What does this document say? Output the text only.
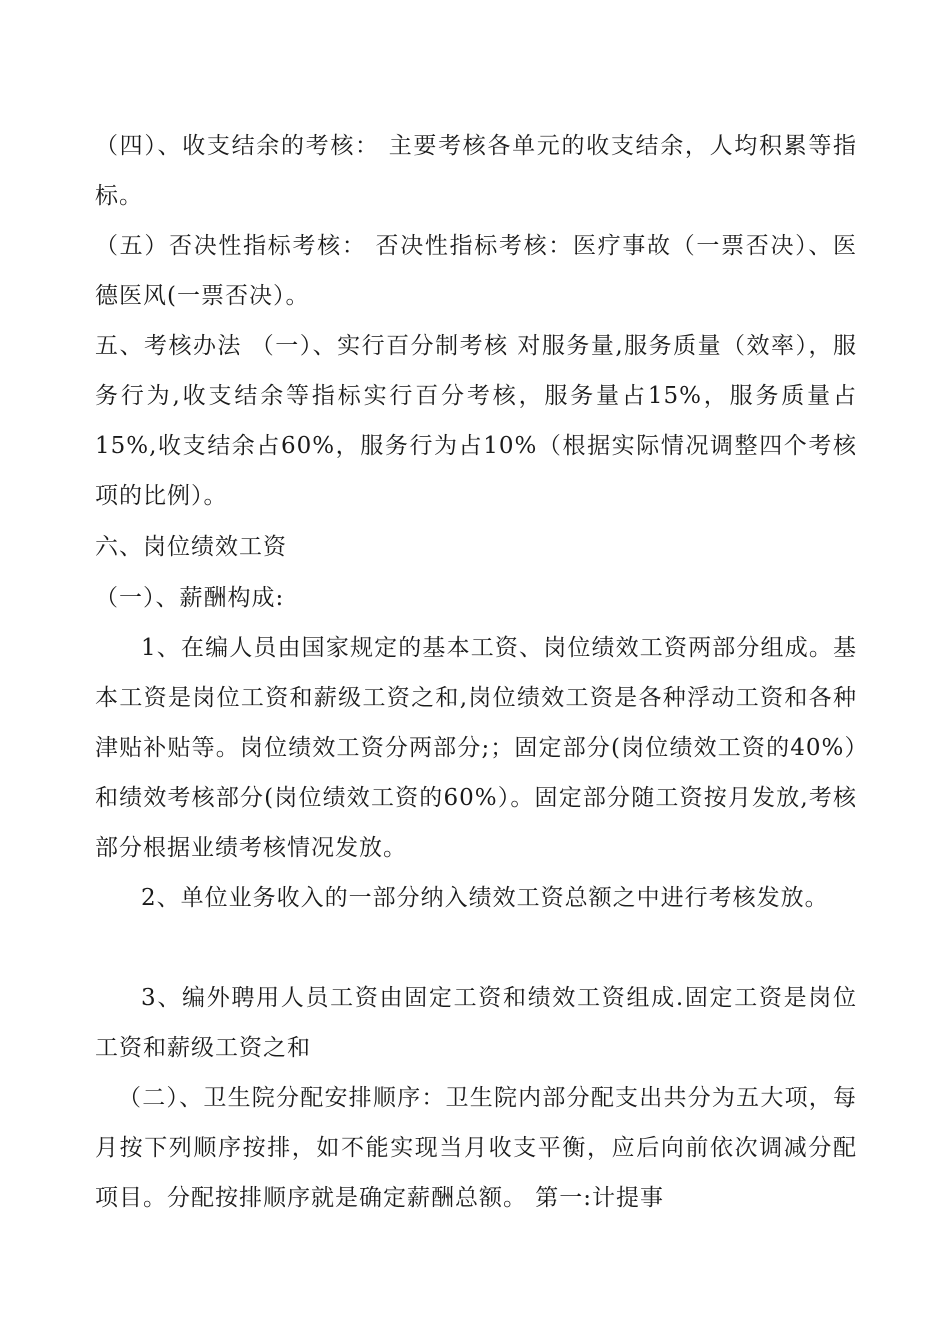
（四）、收支结余的考核： 主要考核各单元的收支结余，人均积累等指标。

（五）否决性指标考核： 否决性指标考核：医疗事故（一票否决）、医德医风(一票否决）。

五、考核办法 （一）、实行百分制考核 对服务量,服务质量（效率），服务行为,收支结余等指标实行百分考核，服务量占15%，服务质量占15%,收支结余占60%，服务行为占10%（根据实际情况调整四个考核项的比例）。

六、岗位绩效工资

（一）、薪酬构成:

1、在编人员由国家规定的基本工资、岗位绩效工资两部分组成。基本工资是岗位工资和薪级工资之和,岗位绩效工资是各种浮动工资和各种津贴补贴等。岗位绩效工资分两部分;；固定部分(岗位绩效工资的40%）和绩效考核部分(岗位绩效工资的60%）。固定部分随工资按月发放,考核部分根据业绩考核情况发放。

2、单位业务收入的一部分纳入绩效工资总额之中进行考核发放。

3、编外聘用人员工资由固定工资和绩效工资组成.固定工资是岗位工资和薪级工资之和

（二）、卫生院分配安排顺序：卫生院内部分配支出共分为五大项，每月按下列顺序按排，如不能实现当月收支平衡，应后向前依次调减分配项目。分配按排顺序就是确定薪酬总额。 第一:计提事
